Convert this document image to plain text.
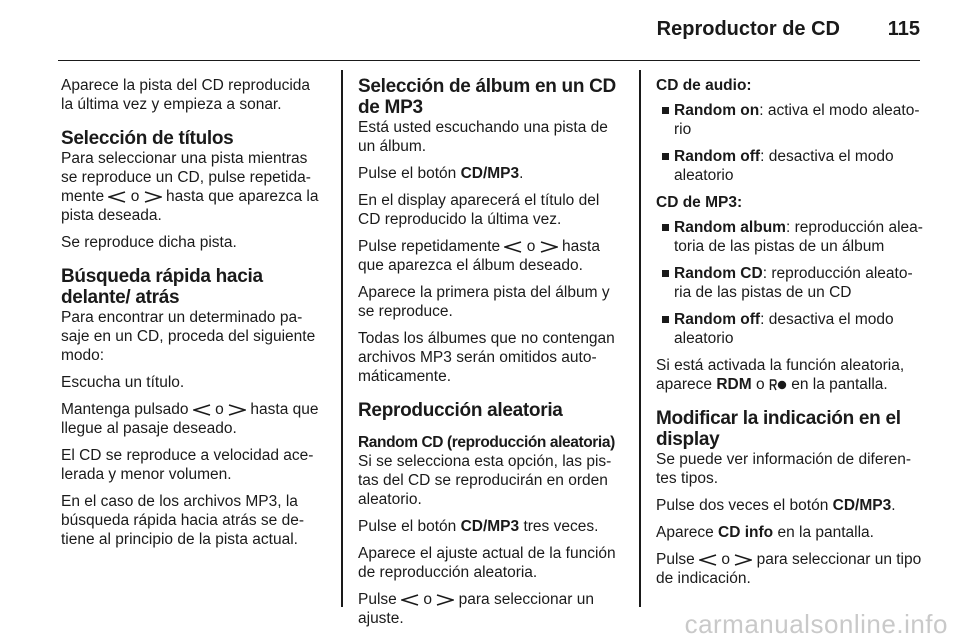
Reproductor de CD 115

Aparece la pista del CD reproducida la última vez y empieza a sonar.

Selección de títulos

Para seleccionar una pista mientras se reproduce un CD, pulse repetidamente o hasta que aparezca la pista deseada.

Se reproduce dicha pista.

Búsqueda rápida hacia delante/ atrás

Para encontrar un determinado pasaje en un CD, proceda del siguiente modo:

Escucha un título.

Mantenga pulsado o hasta que llegue al pasaje deseado.

El CD se reproduce a velocidad acelerada y menor volumen.

En el caso de los archivos MP3, la búsqueda rápida hacia atrás se detiene al principio de la pista actual.

Selección de álbum en un CD de MP3

Está usted escuchando una pista de un álbum.

Pulse el botón CD/MP3.

En el display aparecerá el título del CD reproducido la última vez.

Pulse repetidamente o hasta que aparezca el álbum deseado.

Aparece la primera pista del álbum y se reproduce.

Todas los álbumes que no contengan archivos MP3 serán omitidos automáticamente.

Reproducción aleatoria
Random CD (reproducción aleatoria)

Si se selecciona esta opción, las pistas del CD se reproducirán en orden aleatorio.

Pulse el botón CD/MP3 tres veces.

Aparece el ajuste actual de la función de reproducción aleatoria.

Pulse o para seleccionar un ajuste.

CD de audio:
Random on: activa el modo aleatorio
Random off: desactiva el modo aleatorio
CD de MP3:
Random album: reproducción aleatoria de las pistas de un álbum
Random CD: reproducción aleatoria de las pistas de un CD
Random off: desactiva el modo aleatorio

Si está activada la función aleatoria, aparece RDM o en la pantalla.

Modificar la indicación en el display

Se puede ver información de diferentes tipos.

Pulse dos veces el botón CD/MP3.

Aparece CD info en la pantalla.

Pulse o para seleccionar un tipo de indicación.

carmanualsonline.info
